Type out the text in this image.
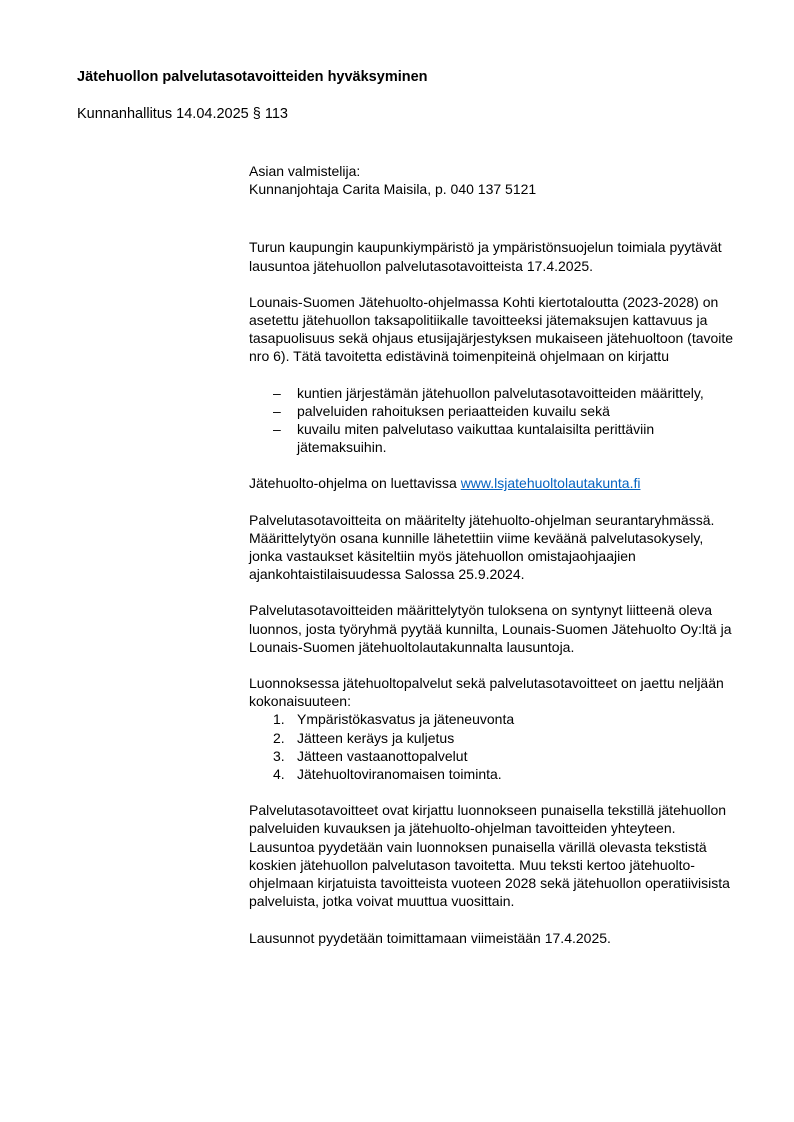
Jätehuollon palvelutasotavoitteiden hyväksyminen
Kunnanhallitus 14.04.2025 § 113

Asian valmistelija:

Kunnanjohtaja Carita Maisila, p. 040 137 5121

Turun kaupungin kaupunkiympäristö ja ympäristönsuojelun toimiala pyytävät lausuntoa jätehuollon palvelutasotavoitteista 17.4.2025.

Lounais-Suomen Jätehuolto-ohjelmassa Kohti kiertotaloutta (2023-2028) on asetettu jätehuollon taksapolitiikalle tavoitteeksi jätemaksujen kattavuus ja tasapuolisuus sekä ohjaus etusijajärjestyksen mukaiseen jätehuoltoon (tavoite nro 6). Tätä tavoitetta edistävinä toimenpiteinä ohjelmaan on kirjattu

– kuntien järjestämän jätehuollon palvelutasotavoitteiden määrittely,
– palveluiden rahoituksen periaatteiden kuvailu sekä
– kuvailu miten palvelutaso vaikuttaa kuntalaisilta perittäviin jätemaksuihin.

Jätehuolto-ohjelma on luettavissa www.lsjatehuoltolautakunta.fi

Palvelutasotavoitteita on määritelty jätehuolto-ohjelman seurantaryhmässä. Määrittelytyön osana kunnille lähetettiin viime keväänä palvelutasokysely, jonka vastaukset käsiteltiin myös jätehuollon omistajaohjaajien ajankohtaistilaisuudessa Salossa 25.9.2024.

Palvelutasotavoitteiden määrittelytyön tuloksena on syntynyt liitteenä oleva luonnos, josta työryhmä pyytää kunnilta, Lounais-Suomen Jätehuolto Oy:ltä ja Lounais-Suomen jätehuoltolautakunnalta lausuntoja.

Luonnoksessa jätehuoltopalvelut sekä palvelutasotavoitteet on jaettu neljään kokonaisuuteen:

1. Ympäristökasvatus ja jäteneuvonta
2. Jätteen keräys ja kuljetus
3. Jätteen vastaanottopalvelut
4. Jätehuoltoviranomaisen toiminta.

Palvelutasotavoitteet ovat kirjattu luonnokseen punaisella tekstillä jätehuollon palveluiden kuvauksen ja jätehuolto-ohjelman tavoitteiden yhteyteen. Lausuntoa pyydetään vain luonnoksen punaisella värillä olevasta tekstistä koskien jätehuollon palvelutason tavoitetta. Muu teksti kertoo jätehuolto-ohjelmaan kirjatuista tavoitteista vuoteen 2028 sekä jätehuollon operatiivisista palveluista, jotka voivat muuttua vuosittain.

Lausunnot pyydetään toimittamaan viimeistään 17.4.2025.
